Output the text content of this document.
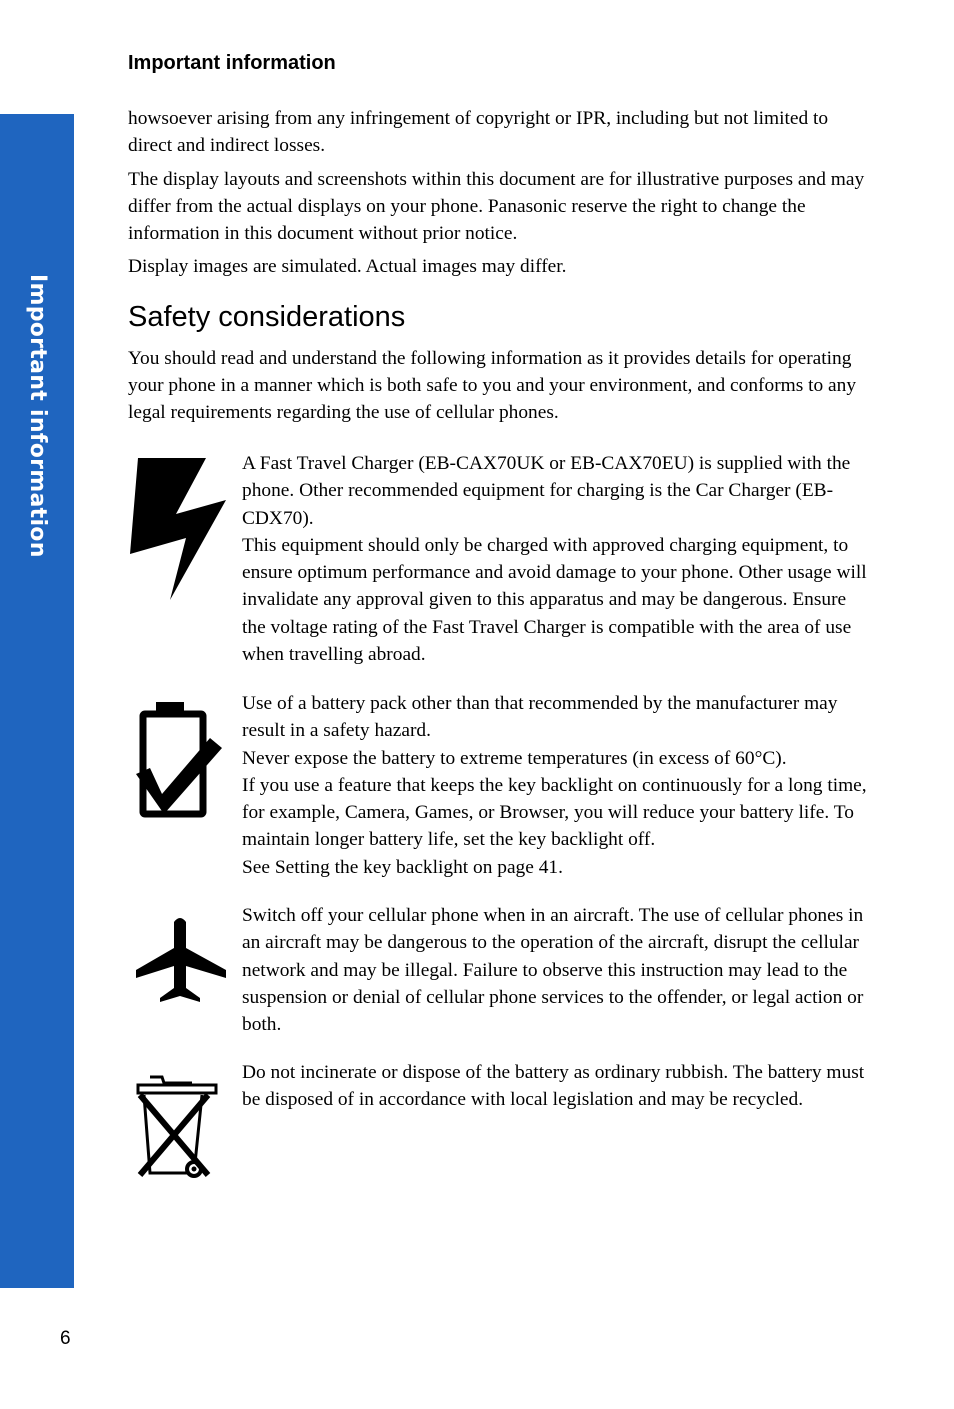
Important information
Important information

howsoever arising from any infringement of copyright or IPR, including but not limited to direct and indirect losses.

The display layouts and screenshots within this document are for illustrative purposes and may differ from the actual displays on your phone. Panasonic reserve the right to change the information in this document without prior notice.

Display images are simulated. Actual images may differ.

Safety considerations

You should read and understand the following information as it provides details for operating your phone in a manner which is both safe to you and your environment, and conforms to any legal requirements regarding the use of cellular phones.

A Fast Travel Charger (EB-CAX70UK or EB-CAX70EU) is supplied with the phone. Other recommended equipment for charging is the Car Charger (EB-CDX70).

This equipment should only be charged with approved charging equipment, to ensure optimum performance and avoid damage to your phone. Other usage will invalidate any approval given to this apparatus and may be dangerous. Ensure the voltage rating of the Fast Travel Charger is compatible with the area of use when travelling abroad.

Use of a battery pack other than that recommended by the manufacturer may result in a safety hazard.

Never expose the battery to extreme temperatures (in excess of 60°C).

If you use a feature that keeps the key backlight on continuously for a long time, for example, Camera, Games, or Browser, you will reduce your battery life. To maintain longer battery life, set the key backlight off.

See Setting the key backlight on page 41.

Switch off your cellular phone when in an aircraft. The use of cellular phones in an aircraft may be dangerous to the operation of the aircraft, disrupt the cellular network and may be illegal. Failure to observe this instruction may lead to the suspension or denial of cellular phone services to the offender, or legal action or both.

Do not incinerate or dispose of the battery as ordinary rubbish. The battery must be disposed of in accordance with local legislation and may be recycled.

6
